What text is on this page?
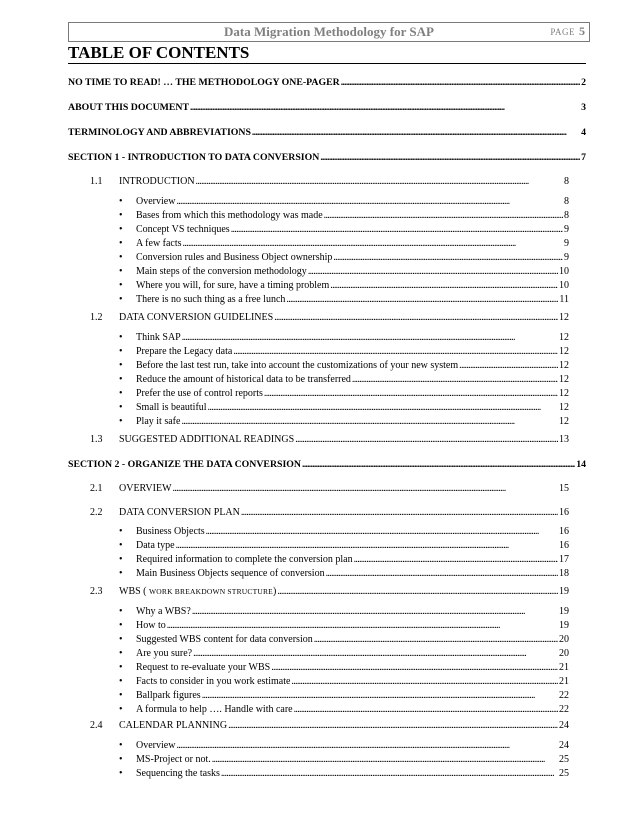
Data Migration Methodology for SAP	PAGE 5
TABLE OF CONTENTS
NO TIME TO READ! … THE METHODOLOGY ONE-PAGER . . .	2
ABOUT THIS DOCUMENT . . .	3
TERMINOLOGY AND ABBREVIATIONS . . .	4
SECTION 1 - INTRODUCTION TO DATA CONVERSION . . .	7
1.1 INTRODUCTION . . .	8
• Overview . . .	8
• Bases from which this methodology was made . . .	8
• Concept VS techniques . . .	9
• A few facts . . .	9
• Conversion rules and Business Object ownership . . .	9
• Main steps of the conversion methodology . . .	10
• Where you will, for sure, have a timing problem . . .	10
• There is no such thing as a free lunch . . .	11
1.2 DATA CONVERSION GUIDELINES . . .	12
• Think SAP . . .	12
• Prepare the Legacy data . . .	12
• Before the last test run, take into account the customizations of your new system . . .	12
• Reduce the amount of historical data to be transferred . . .	12
• Prefer the use of control reports . . .	12
• Small is beautiful . . .	12
• Play it safe . . .	12
1.3 SUGGESTED ADDITIONAL READINGS . . .	13
SECTION 2 - ORGANIZE THE DATA CONVERSION . . .	14
2.1 OVERVIEW . . .	15
2.2 DATA CONVERSION PLAN . . .	16
• Business Objects . . .	16
• Data type . . .	16
• Required information to complete the conversion plan . . .	17
• Main Business Objects sequence of conversion . . .	18
2.3 WBS ( WORK BREAKDOWN STRUCTURE) . . .	19
• Why a WBS? . . .	19
• How to . . .	19
• Suggested WBS content for data conversion . . .	20
• Are you sure? . . .	20
• Request to re-evaluate your WBS . . .	21
• Facts to consider in you work estimate . . .	21
• Ballpark figures . . .	22
• A formula to help …. Handle with care . . .	22
2.4 CALENDAR PLANNING . . .	24
• Overview . . .	24
• MS-Project or not. . . .	25
• Sequencing the tasks . . .	25
